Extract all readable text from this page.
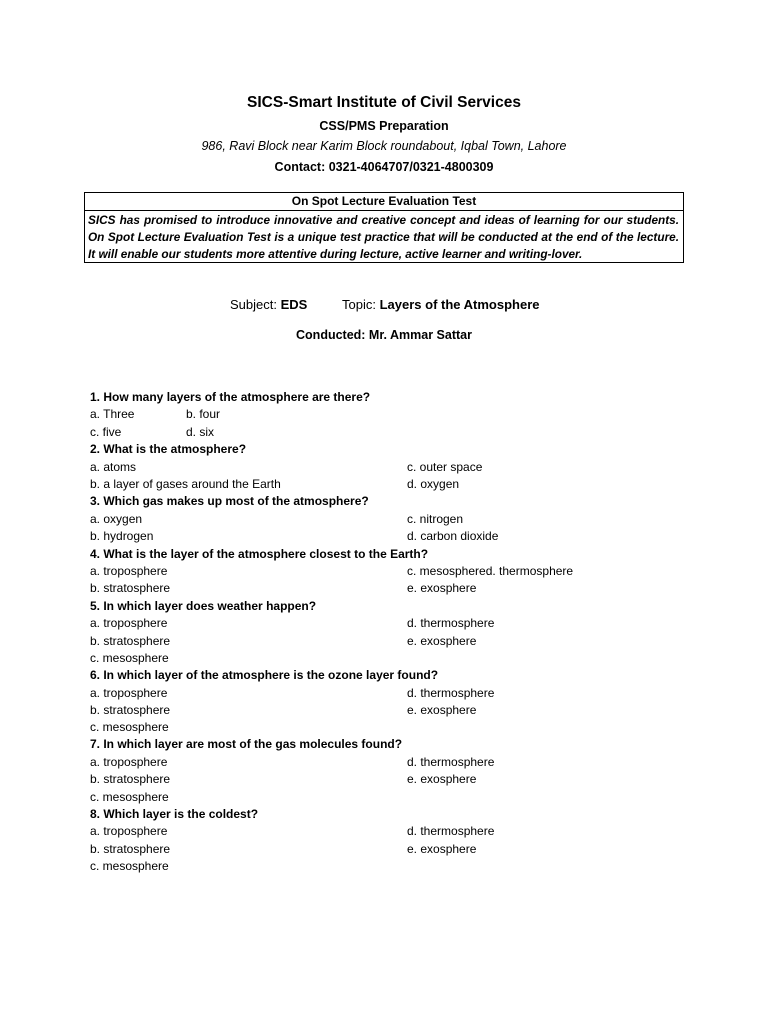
SICS-Smart Institute of Civil Services
CSS/PMS Preparation
986, Ravi Block near Karim Block roundabout, Iqbal Town, Lahore
Contact: 0321-4064707/0321-4800309
On Spot Lecture Evaluation Test
SICS has promised to introduce innovative and creative concept and ideas of learning for our students. On Spot Lecture Evaluation Test is a unique test practice that will be conducted at the end of the lecture. It will enable our students more attentive during lecture, active learner and writing-lover.
Subject: EDS	Topic: Layers of the Atmosphere
Conducted: Mr. Ammar Sattar
1. How many layers of the atmosphere are there?
a. Three	b. four
c. five	d. six
2. What is the atmosphere?
a. atoms	c. outer space
b. a layer of gases around the Earth	d. oxygen
3. Which gas makes up most of the atmosphere?
a. oxygen	c. nitrogen
b. hydrogen	d. carbon dioxide
4. What is the layer of the atmosphere closest to the Earth?
a. troposphere	c. mesosphered. thermosphere
b. stratosphere	e. exosphere
5. In which layer does weather happen?
a. troposphere	d. thermosphere
b. stratosphere	e. exosphere
c. mesosphere
6. In which layer of the atmosphere is the ozone layer found?
a. troposphere	d. thermosphere
b. stratosphere	e. exosphere
c. mesosphere
7. In which layer are most of the gas molecules found?
a. troposphere	d. thermosphere
b. stratosphere	e. exosphere
c. mesosphere
8. Which layer is the coldest?
a. troposphere	d. thermosphere
b. stratosphere	e. exosphere
c. mesosphere
